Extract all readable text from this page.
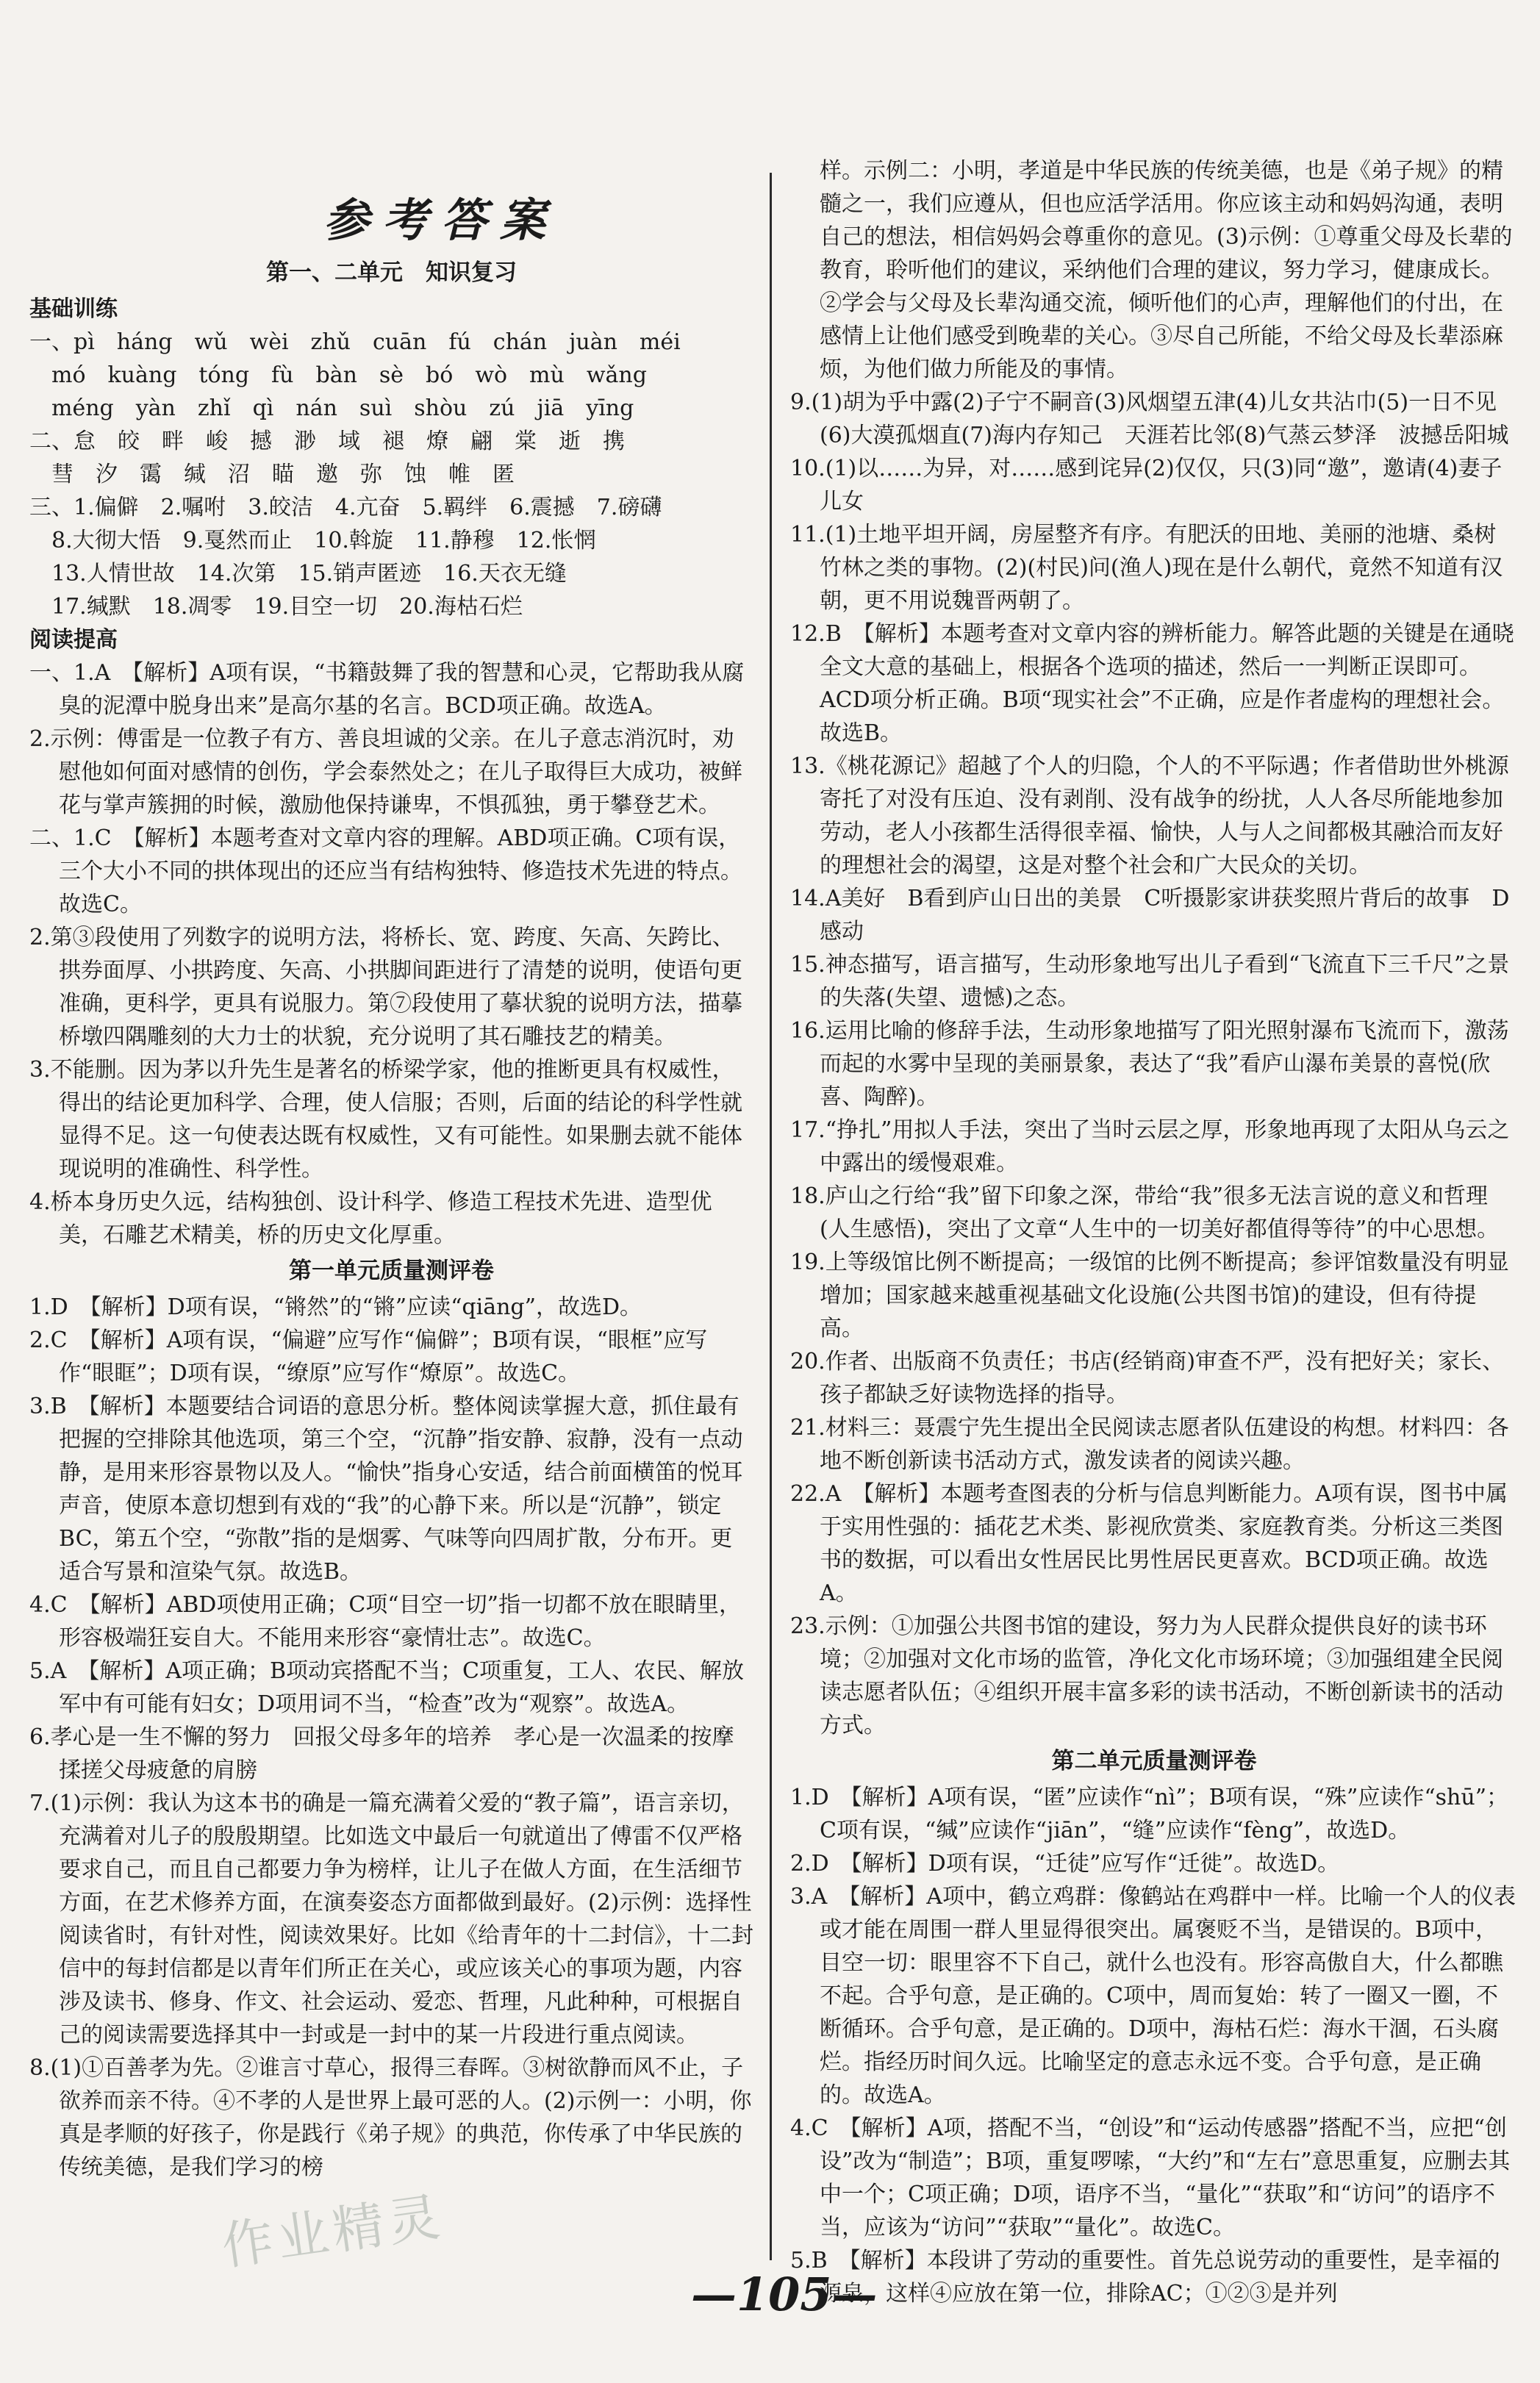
参考答案
第一、二单元　知识复习
基础训练
一、pì　háng　wǔ　wèi　zhǔ　cuān　fú　chán　juàn　méi
　mó　kuàng　tóng　fù　bàn　sè　bó　wò　mù　wǎng
　méng　yàn　zhǐ　qì　nán　suì　shòu　zú　jiā　yīng
二、怠　皎　畔　峻　撼　渺　域　褪　燎　翩　棠　逝　携
　彗　汐　霭　缄　沼　瞄　邀　弥　蚀　帷　匿
三、1.偏僻　2.嘱咐　3.皎洁　4.亢奋　5.羁绊　6.震撼　7.磅礴
　8.大彻大悟　9.戛然而止　10.斡旋　11.静穆　12.怅惘
　13.人情世故　14.次第　15.销声匿迹　16.天衣无缝
　17.缄默　18.凋零　19.目空一切　20.海枯石烂
阅读提高
一、1.A　【解析】A项有误，“书籍鼓舞了我的智慧和心灵，它帮助我从腐臭的泥潭中脱身出来”是高尔基的名言。BCD项正确。故选A。
2.示例：傅雷是一位教子有方、善良坦诚的父亲。在儿子意志消沉时，劝慰他如何面对感情的创伤，学会泰然处之；在儿子取得巨大成功，被鲜花与掌声簇拥的时候，激励他保持谦卑，不惧孤独，勇于攀登艺术。
二、1.C　【解析】本题考查对文章内容的理解。ABD项正确。C项有误，三个大小不同的拱体现出的还应当有结构独特、修造技术先进的特点。故选C。
2.第③段使用了列数字的说明方法，将桥长、宽、跨度、矢高、矢跨比、拱券面厚、小拱跨度、矢高、小拱脚间距进行了清楚的说明，使语句更准确，更科学，更具有说服力。第⑦段使用了摹状貌的说明方法，描摹桥墩四隅雕刻的大力士的状貌，充分说明了其石雕技艺的精美。
3.不能删。因为茅以升先生是著名的桥梁学家，他的推断更具有权威性，得出的结论更加科学、合理，使人信服；否则，后面的结论的科学性就显得不足。这一句使表达既有权威性，又有可能性。如果删去就不能体现说明的准确性、科学性。
4.桥本身历史久远，结构独创、设计科学、修造工程技术先进、造型优美，石雕艺术精美，桥的历史文化厚重。
第一单元质量测评卷
1.D　【解析】D项有误，“锵然”的“锵”应读“qiāng”，故选D。
2.C　【解析】A项有误，“偏避”应写作“偏僻”；B项有误，“眼框”应写作“眼眶”；D项有误，“缭原”应写作“燎原”。故选C。
3.B　【解析】本题要结合词语的意思分析。整体阅读掌握大意，抓住最有把握的空排除其他选项，第三个空，“沉静”指安静、寂静，没有一点动静，是用来形容景物以及人。“愉快”指身心安适，结合前面横笛的悦耳声音，使原本意切想到有戏的“我”的心静下来。所以是“沉静”，锁定BC，第五个空，“弥散”指的是烟雾、气味等向四周扩散，分布开。更适合写景和渲染气氛。故选B。
4.C　【解析】ABD项使用正确；C项“目空一切”指一切都不放在眼睛里，形容极端狂妄自大。不能用来形容“豪情壮志”。故选C。
5.A　【解析】A项正确；B项动宾搭配不当；C项重复，工人、农民、解放军中有可能有妇女；D项用词不当，“检查”改为“观察”。故选A。
6.孝心是一生不懈的努力　回报父母多年的培养　孝心是一次温柔的按摩　揉搓父母疲惫的肩膀
7.(1)示例：我认为这本书的确是一篇充满着父爱的“教子篇”，语言亲切，充满着对儿子的殷殷期望。比如选文中最后一句就道出了傅雷不仅严格要求自己，而且自己都要力争为榜样，让儿子在做人方面，在生活细节方面，在艺术修养方面，在演奏姿态方面都做到最好。(2)示例：选择性阅读省时，有针对性，阅读效果好。比如《给青年的十二封信》，十二封信中的每封信都是以青年们所正在关心，或应该关心的事项为题，内容涉及读书、修身、作文、社会运动、爱恋、哲理，凡此种种，可根据自己的阅读需要选择其中一封或是一封中的某一片段进行重点阅读。
8.(1)①百善孝为先。②谁言寸草心，报得三春晖。③树欲静而风不止，子欲养而亲不待。④不孝的人是世界上最可恶的人。(2)示例一：小明，你真是孝顺的好孩子，你是践行《弟子规》的典范，你传承了中华民族的传统美德，是我们学习的榜
样。示例二：小明，孝道是中华民族的传统美德，也是《弟子规》的精髓之一，我们应遵从，但也应活学活用。你应该主动和妈妈沟通，表明自己的想法，相信妈妈会尊重你的意见。(3)示例：①尊重父母及长辈的教育，聆听他们的建议，采纳他们合理的建议，努力学习，健康成长。②学会与父母及长辈沟通交流，倾听他们的心声，理解他们的付出，在感情上让他们感受到晚辈的关心。③尽自己所能，不给父母及长辈添麻烦，为他们做力所能及的事情。
9.(1)胡为乎中露(2)子宁不嗣音(3)风烟望五津(4)儿女共沾巾(5)一日不见(6)大漠孤烟直(7)海内存知己　天涯若比邻(8)气蒸云梦泽　波撼岳阳城
10.(1)以……为异，对……感到诧异(2)仅仅，只(3)同“邀”，邀请(4)妻子儿女
11.(1)土地平坦开阔，房屋整齐有序。有肥沃的田地、美丽的池塘、桑树竹林之类的事物。(2)(村民)问(渔人)现在是什么朝代，竟然不知道有汉朝，更不用说魏晋两朝了。
12.B　【解析】本题考查对文章内容的辨析能力。解答此题的关键是在通晓全文大意的基础上，根据各个选项的描述，然后一一判断正误即可。ACD项分析正确。B项“现实社会”不正确，应是作者虚构的理想社会。故选B。
13.《桃花源记》超越了个人的归隐，个人的不平际遇；作者借助世外桃源寄托了对没有压迫、没有剥削、没有战争的纷扰，人人各尽所能地参加劳动，老人小孩都生活得很幸福、愉快，人与人之间都极其融洽而友好的理想社会的渴望，这是对整个社会和广大民众的关切。
14.A美好　B看到庐山日出的美景　C听摄影家讲获奖照片背后的故事　D感动
15.神态描写，语言描写，生动形象地写出儿子看到“飞流直下三千尺”之景的失落(失望、遗憾)之态。
16.运用比喻的修辞手法，生动形象地描写了阳光照射瀑布飞流而下，激荡而起的水雾中呈现的美丽景象，表达了“我”看庐山瀑布美景的喜悦(欣喜、陶醉)。
17.“挣扎”用拟人手法，突出了当时云层之厚，形象地再现了太阳从乌云之中露出的缓慢艰难。
18.庐山之行给“我”留下印象之深，带给“我”很多无法言说的意义和哲理(人生感悟)，突出了文章“人生中的一切美好都值得等待”的中心思想。
19.上等级馆比例不断提高；一级馆的比例不断提高；参评馆数量没有明显增加；国家越来越重视基础文化设施(公共图书馆)的建设，但有待提高。
20.作者、出版商不负责任；书店(经销商)审查不严，没有把好关；家长、孩子都缺乏好读物选择的指导。
21.材料三：聂震宁先生提出全民阅读志愿者队伍建设的构想。材料四：各地不断创新读书活动方式，激发读者的阅读兴趣。
22.A　【解析】本题考查图表的分析与信息判断能力。A项有误，图书中属于实用性强的：插花艺术类、影视欣赏类、家庭教育类。分析这三类图书的数据，可以看出女性居民比男性居民更喜欢。BCD项正确。故选A。
23.示例：①加强公共图书馆的建设，努力为人民群众提供良好的读书环境；②加强对文化市场的监管，净化文化市场环境；③加强组建全民阅读志愿者队伍；④组织开展丰富多彩的读书活动，不断创新读书的活动方式。
第二单元质量测评卷
1.D　【解析】A项有误，“匿”应读作“nì”；B项有误，“殊”应读作“shū”；C项有误，“缄”应读作“jiān”，“缝”应读作“fèng”，故选D。
2.D　【解析】D项有误，“迁徒”应写作“迁徙”。故选D。
3.A　【解析】A项中，鹤立鸡群：像鹤站在鸡群中一样。比喻一个人的仪表或才能在周围一群人里显得很突出。属褒贬不当，是错误的。B项中，目空一切：眼里容不下自己，就什么也没有。形容高傲自大，什么都瞧不起。合乎句意，是正确的。C项中，周而复始：转了一圈又一圈，不断循环。合乎句意，是正确的。D项中，海枯石烂：海水干涸，石头腐烂。指经历时间久远。比喻坚定的意志永远不变。合乎句意，是正确的。故选A。
4.C　【解析】A项，搭配不当，“创设”和“运动传感器”搭配不当，应把“创设”改为“制造”；B项，重复啰嗦，“大约”和“左右”意思重复，应删去其中一个；C项正确；D项，语序不当，“量化”“获取”和“访问”的语序不当，应该为“访问”“获取”“量化”。故选C。
5.B　【解析】本段讲了劳动的重要性。首先总说劳动的重要性，是幸福的源泉，这样④应放在第一位，排除AC；①②③是并列
作业精灵
—105—
